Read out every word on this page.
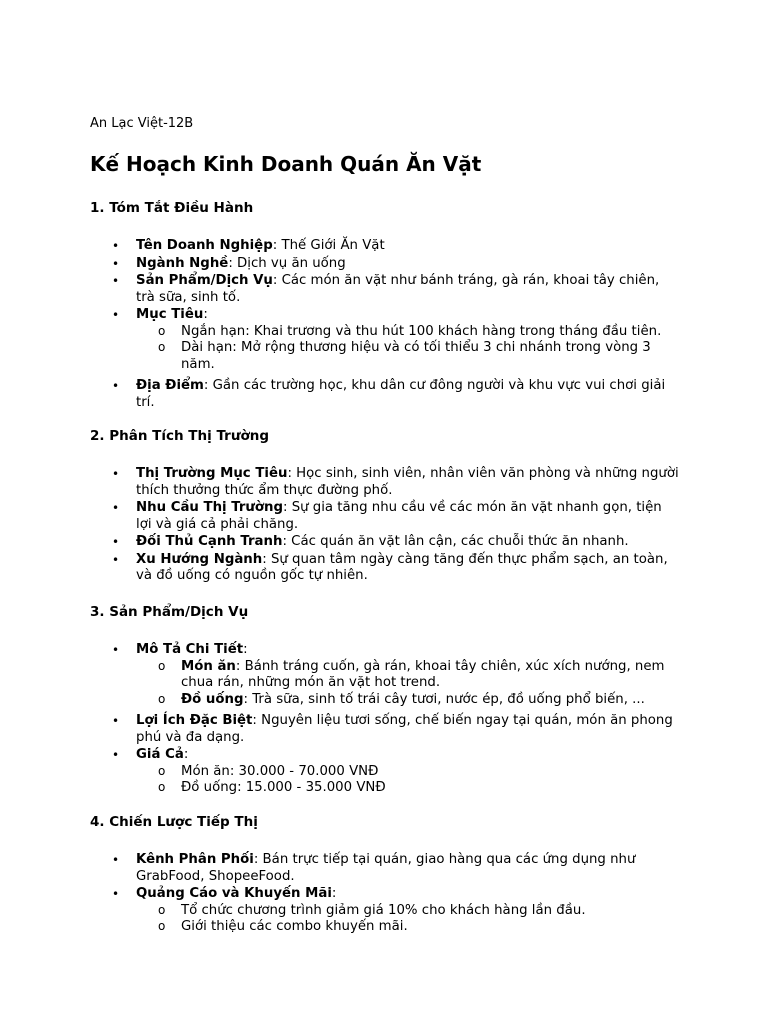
An Lạc Việt-12B
Kế Hoạch Kinh Doanh Quán Ăn Vặt
1. Tóm Tắt Điều Hành
• Tên Doanh Nghiệp: Thế Giới Ăn Vặt
• Ngành Nghề: Dịch vụ ăn uống
• Sản Phẩm/Dịch Vụ: Các món ăn vặt như bánh tráng, gà rán, khoai tây chiên, trà sữa, sinh tố.
• Mục Tiêu:
o Ngắn hạn: Khai trương và thu hút 100 khách hàng trong tháng đầu tiên.
o Dài hạn: Mở rộng thương hiệu và có tối thiểu 3 chi nhánh trong vòng 3 năm.
• Địa Điểm: Gần các trường học, khu dân cư đông người và khu vực vui chơi giải trí.
2. Phân Tích Thị Trường
• Thị Trường Mục Tiêu: Học sinh, sinh viên, nhân viên văn phòng và những người thích thưởng thức ẩm thực đường phố.
• Nhu Cầu Thị Trường: Sự gia tăng nhu cầu về các món ăn vặt nhanh gọn, tiện lợi và giá cả phải chăng.
• Đối Thủ Cạnh Tranh: Các quán ăn vặt lân cận, các chuỗi thức ăn nhanh.
• Xu Hướng Ngành: Sự quan tâm ngày càng tăng đến thực phẩm sạch, an toàn, và đồ uống có nguồn gốc tự nhiên.
3. Sản Phẩm/Dịch Vụ
• Mô Tả Chi Tiết:
o Món ăn: Bánh tráng cuốn, gà rán, khoai tây chiên, xúc xích nướng, nem chua rán, những món ăn vặt hot trend.
o Đồ uống: Trà sữa, sinh tố trái cây tươi, nước ép, đồ uống phổ biến, ...
• Lợi Ích Đặc Biệt: Nguyên liệu tươi sống, chế biến ngay tại quán, món ăn phong phú và đa dạng.
• Giá Cả:
o Món ăn: 30.000 - 70.000 VNĐ
o Đồ uống: 15.000 - 35.000 VNĐ
4. Chiến Lược Tiếp Thị
• Kênh Phân Phối: Bán trực tiếp tại quán, giao hàng qua các ứng dụng như GrabFood, ShopeeFood.
• Quảng Cáo và Khuyến Mãi:
o Tổ chức chương trình giảm giá 10% cho khách hàng lần đầu.
o Giới thiệu các combo khuyến mãi.
